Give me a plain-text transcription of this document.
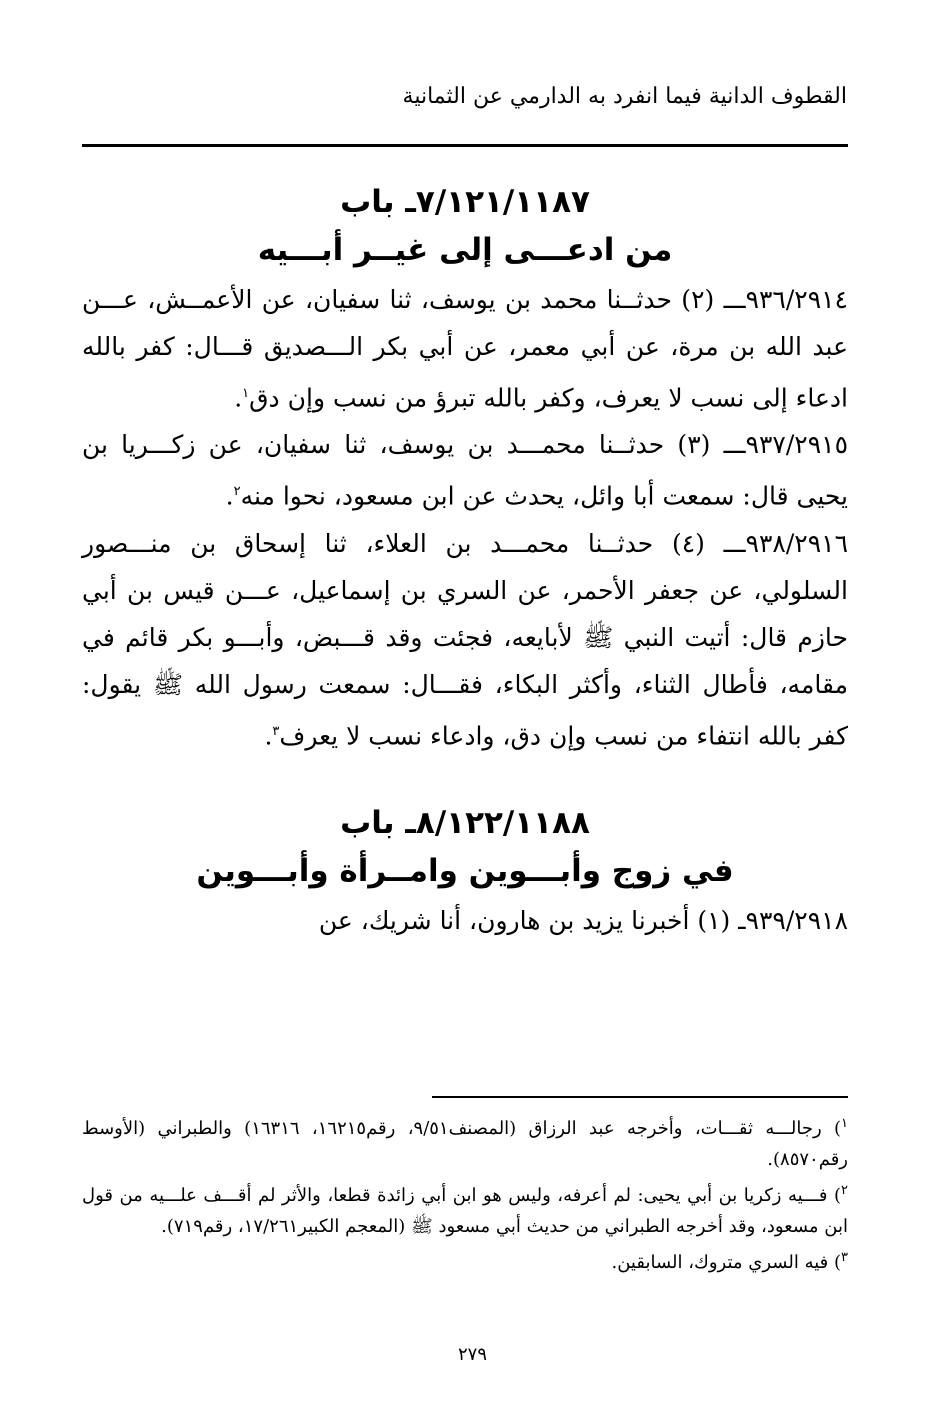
القطوف الدانية فيما انفرد به الدارمي عن الثمانية
٧/١٢١/١١٨٧ـ باب
من ادعـــى إلى غيــر أبـــيه
٩٣٦/٢٩١٤ـــ (٢) حدثــنا محمد بن يوسف، ثنا سفيان، عن الأعمــش، عـــن عبد الله بن مرة، عن أبي معمر، عن أبي بكر الـــصديق قـــال: كفر بالله ادعاء إلى نسب لا يعرف، وكفر بالله تبرؤ من نسب وإن دق$^١$.
٩٣٧/٢٩١٥ـــ (٣) حدثــنا محمـــد بن يوسف، ثنا سفيان، عن زكـــريا بن يحيى قال: سمعت أبا وائل، يحدث عن ابن مسعود، نحوا منه$^٢$.
٩٣٨/٢٩١٦ـــ (٤) حدثــنا محمـــد بن العلاء، ثنا إسحاق بن منـــصور السلولي، عن جعفر الأحمر، عن السري بن إسماعيل، عـــن قيس بن أبي حازم قال: أتيت النبي ﷺ لأبايعه، فجئت وقد قـــبض، وأبـــو بكر قائم في مقامه، فأطال الثناء، وأكثر البكاء، فقـــال: سمعت رسول الله ﷺ يقول: كفر بالله انتفاء من نسب وإن دق، وادعاء نسب لا يعرف$^٣$.
٨/١٢٢/١١٨٨ـ باب
في زوج وأبـــوين وامــرأة وأبـــوين
٩٣٩/٢٩١٨ـ (١) أخبرنا يزيد بن هارون، أنا شريك، عن

$^١$) رجالـــه ثقـــات، وأخرجه عبد الرزاق (المصنف٩/٥١، رقم١٦٢١٥، ١٦٣١٦) والطبراني (الأوسط رقم٨٥٧٠).

$^٢$) فـــيه زكريا بن أبي يحيى: لم أعرفه، وليس هو ابن أبي زائدة قطعا، والأثر لم أقـــف علـــيه من قول ابن مسعود، وقد أخرجه الطبراني من حديث أبي مسعود ﷺ (المعجم الكبير١٧/٢٦١، رقم٧١٩).

$^٣$) فيه السري متروك، السابقين.

٢٧٩
